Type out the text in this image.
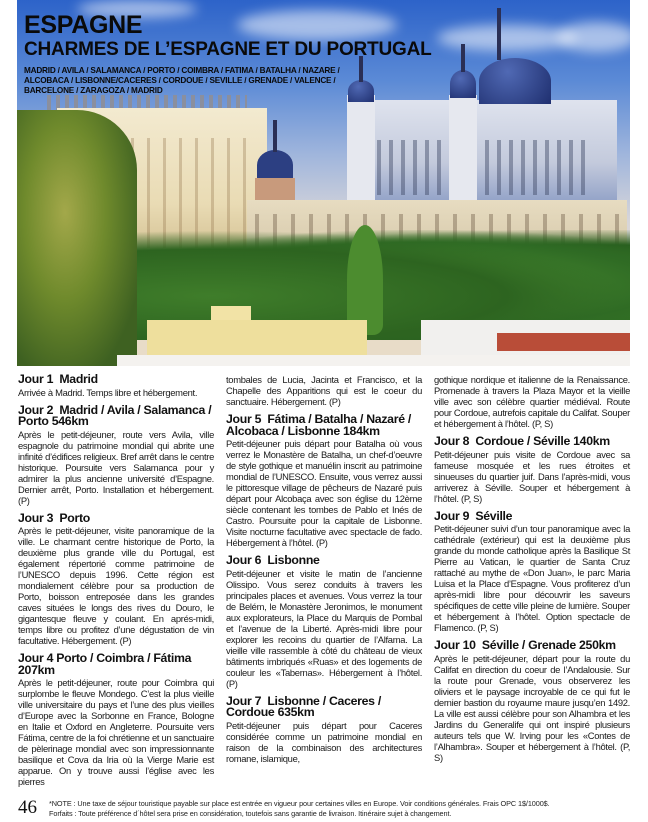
ESPAGNE
CHARMES DE L’ESPAGNE ET DU PORTUGAL
MADRID / AVILA / SALAMANCA / PORTO / COIMBRA / FATIMA / BATALHA / NAZARE /
ALCOBACA / LISBONNE/CACERES / CORDOUE / SEVILLE / GRENADE / VALENCE /
BARCELONE / ZARAGOZA / MADRID
Jour 1 Madrid

Arrivée à Madrid. Temps libre et hébergement.

Jour 2 Madrid / Avila / Salamanca / Porto 546km

Après le petit-déjeuner, route vers Avila, ville espagnole du patrimoine mondial qui abrite une infinité d’édifices religieux. Bref arrêt dans le centre historique. Poursuite vers Salamanca pour y admirer la plus ancienne université d’Espagne. Dernier arrêt, Porto. Installation et hébergement. (P)

Jour 3 Porto

Après le petit-déjeuner, visite panoramique de la ville. Le charmant centre historique de Porto, la deuxième plus grande ville du Portugal, est également répertorié comme patrimoine de l’UNESCO depuis 1996. Cette région est mondialement célèbre pour sa production de Porto, boisson entreposée dans les grandes caves situées le longs des rives du Douro, le gigantesque fleuve y coulant. En aprés-midi, temps libre ou profitez d’une dégustation de vin facultative. Hébergement. (P)

Jour 4 Porto / Coimbra / Fátima 207km

Après le petit-déjeuner, route pour Coimbra qui surplombe le fleuve Mondego. C’est la plus vieille ville universitaire du pays et l’une des plus vieilles d’Europe avec la Sorbonne en France, Bologne en Italie et Oxford en Angleterre. Poursuite vers Fátima, centre de la foi chrétienne et un sanctuaire de pèlerinage mondial avec son impressionnante basilique et Cova da Iria où la Vierge Marie est apparue. On y trouve aussi l’église avec les pierres

tombales de Lucia, Jacinta et Francisco, et la Chapelle des Apparitions qui est le coeur du sanctuaire. Hébergement. (P)

Jour 5 Fátima / Batalha / Nazaré / Alcobaca / Lisbonne 184km

Petit-déjeuner puis départ pour Batalha où vous verrez le Monastère de Batalha, un chef-d’oeuvre de style gothique et manuélin inscrit au patrimoine mondial de l’UNESCO. Ensuite, vous verrez aussi le pittoresque village de pêcheurs de Nazaré puis départ pour Alcobaça avec son église du 12ème siècle contenant les tombes de Pablo et Inés de Castro. Poursuite pour la capitale de Lisbonne. Visite nocturne facultative avec spectacle de fado. Hébergement à l’hôtel. (P)

Jour 6 Lisbonne

Petit-déjeuner et visite le matin de l’ancienne Olissipo. Vous serez conduits à travers les principales places et avenues. Vous verrez la tour de Belém, le Monastère Jeronimos, le monument aux explorateurs, la Place du Marquis de Pombal et l’avenue de la Liberté. Après-midi libre pour explorer les recoins du quartier de l’Alfama. La vieille ville rassemble à côté du château de vieux bâtiments imbriqués «Ruas» et des logements de couleur les «Tabernas». Hébergement à l’hôtel. (P)

Jour 7 Lisbonne / Caceres / Cordoue 635km

Petit-déjeuner puis départ pour Caceres considérée comme un patrimoine mondial en raison de la combinaison des architectures romane, islamique,

gothique nordique et italienne de la Renaissance. Promenade à travers la Plaza Mayor et la vieille ville avec son célèbre quartier médiéval. Route pour Cordoue, autrefois capitale du Califat. Souper et hébergement à l’hôtel. (P, S)

Jour 8 Cordoue / Séville 140km

Petit-déjeuner puis visite de Cordoue avec sa fameuse mosquée et les rues étroites et sinueuses du quartier juif. Dans l’après-midi, vous arriverez à Séville. Souper et hébergement à l’hôtel. (P, S)

Jour 9 Séville

Petit-déjeuner suivi d’un tour panoramique avec la cathédrale (extérieur) qui est la deuxième plus grande du monde catholique après la Basilique St Pierre au Vatican, le quartier de Santa Cruz rattaché au mythe de «Don Juan», le parc Maria Luisa et la Place d’Espagne. Vous profiterez d’un après-midi libre pour découvrir les saveurs spécifiques de cette ville pleine de lumière. Souper et hébergement à l’hôtel. Option spectacle de Flamenco. (P, S)

Jour 10 Séville / Grenade 250km

Après le petit-déjeuner, départ pour la route du Califat en direction du coeur de l’Andalousie. Sur la route pour Grenade, vous observerez les oliviers et le paysage incroyable de ce qui fut le dernier bastion du royaume maure jusqu’en 1492. La ville est aussi célèbre pour son Alhambra et les Jardins du Generalife qui ont inspiré plusieurs auteurs tels que W. Irving pour les «Contes de l’Alhambra». Souper et hébergement à l’hôtel. (P, S)

46 *NOTE : Une taxe de séjour touristique payable sur place est entrée en vigueur pour certaines villes en Europe. Voir conditions générales. Frais OPC 1$/1000$.
Forfaits : Toute préférence d´hôtel sera prise en considération, toutefois sans garantie de livraison. Itinéraire sujet à changement.
